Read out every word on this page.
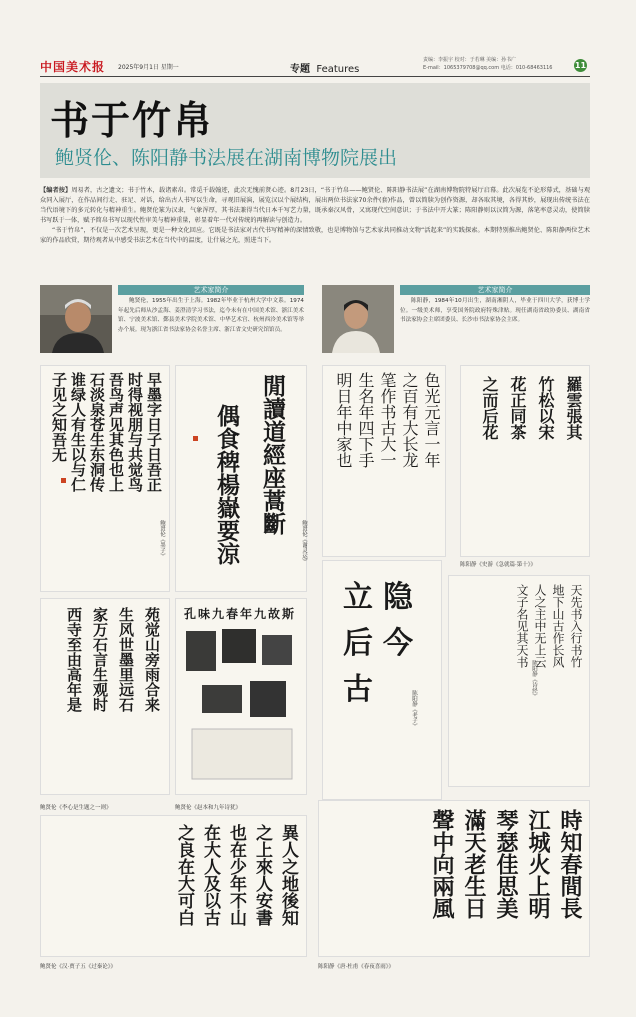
中国美术报 2025年9月1日 星期一	专题 Features
责编：李振宇 校对：于若琳 美编：孙书广
E-mail：1065379708@qq.com 电话：010-68463116	11
书于竹帛
鲍贤伦、陈阳静书法展在湖南博物院展出
【编者按】周易者，古之遗文；书于竹木，载诸素帛。常觅千载翰迹，此次无愧前贤心迹。8月23日，“书于竹帛——鲍贤伦、陈阳静书法展”在湖南博物院特展厅启幕。此次展览不论形幕式，基础与观众同入展厅，在作品间行走、驻足、对话，给出古人书写以生命，寻观旧展演，展览汉以个展结构，展出两位书法家70余件(套)作品，曾以简牍为创作资源，却各取其境，各得其妙，展现出传统书法在当代语境下的多元转化与精神重生。鲍贤伦篆为汉隶，气象浑厚，其书法兼得当代日本千写艺力量，既承秦汉风骨，又寓现代空间意识；于书法中开大篆；陈阳静则以汉简为源，落笔率意灵动，使简牍书写跃于一体，赋予简帛书写以现代性审美与精神重量，彰显着年一代对传统的再解读与创造力。
“书于竹帛”，不仅是一次艺术呈现，更是一种文化回应。它既是书法家对古代书写精神的深情致敬，也是博物馆与艺术家共同推动文物“活起来”的实践探索。本期特别推出鲍贤伦、陈阳静两位艺术家的作品欣赏，期待观者从中感受书法艺术在当代中的温度，让什展之光，照进当下。
艺术家简介
鲍贤伦，1955年出生于上海。1982年毕业于杭州大学中文系。1974年起先后师从沙孟海、姜澄清学习书法，迄今未有在中国美术馆、浙江美术馆、宁波美术馆、鄞县美术学院美术馆、中华艺术宫、杭州西泠美术馆等举办个展。现为浙江省书法家协会名誉主席、浙江省文史研究馆馆员。
艺术家简介
陈阳静，1984年10月出生，湖南湘阴人，毕业于四川大学，获博士学位。一级美术师，享受国务院政府特殊津贴。现任湖南省政协委员、湖南省书法家协会主席团委员、长沙市书法家协会主席。
早墨字日子日吾正
时得视朋与共觉鸟
吾鸟声见其色也上
石淡泉苍生东洞传
谁绿人有生以与仁
子见之知吾无
鲍贤伦《墨子》
閒讀道經座蒿斷
偶食稗楊嶽要涼	鲍贤伦《谢灵运》
色光元言一年
之百有大长龙
笔作书古大一
生名年四下手
明日年中家也	羅雲張其
竹松以宋
花正同茶
之而后花
陈阳静《史游《急就篇·第十》》
苑觉山旁雨合来
生风世墨里远石
家万石言生观时
西寺至由高年是
鲍贤伦《李心是生题之一则》
孔味九春年九故斯
鲍贤伦《赵本和九年诗犹》
立 隐
后 今
古
陈阳静《老子》
天先书入行书竹
地下山古作长风
人之主中无上云
文子名见其天书
陈阳静《诗经》
異人之地後知
之上來人安書
也在少年不山
在大人及以古
之良在大可白
鲍贤伦《汉·贾子五《过秦论》》
時知春間長
江城火上明
琴瑟佳思美
滿天老生日
聲中向兩風
陈阳静《唐·杜甫《春夜喜雨》》
